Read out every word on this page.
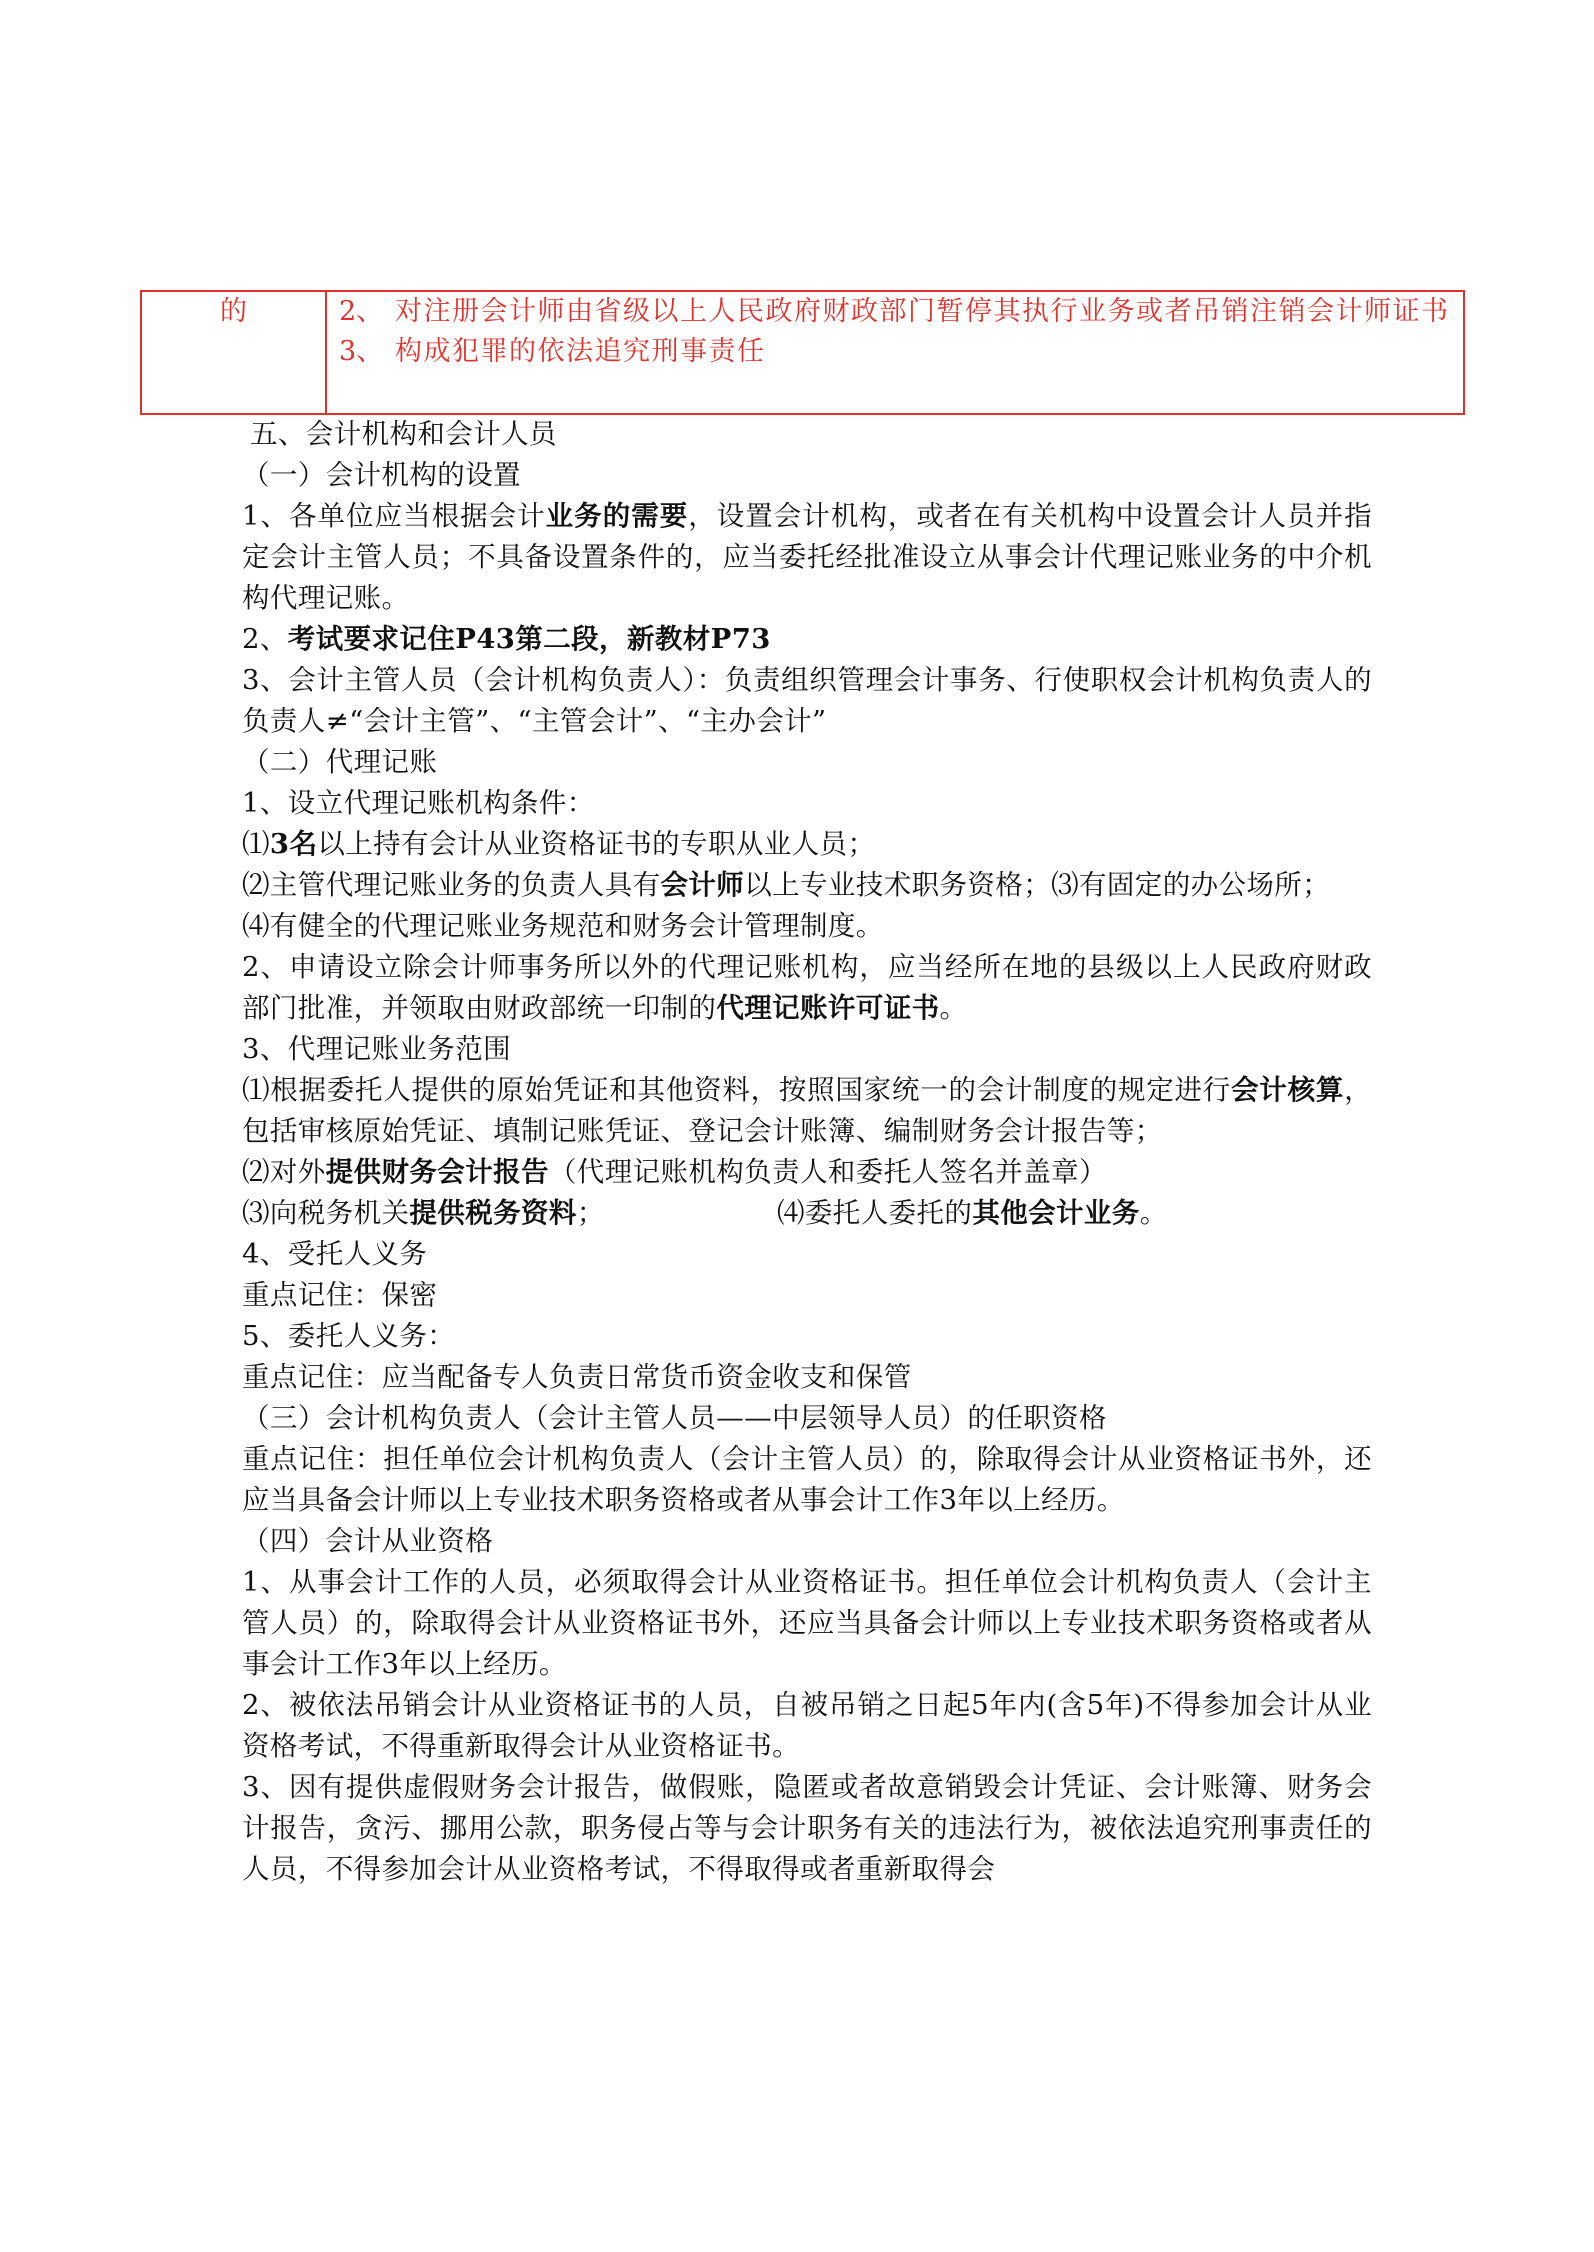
的	2、 对注册会计师由省级以上人民政府财政部门暂停其执行业务或者吊销注销会计师证书
3、 构成犯罪的依法追究刑事责任

五、会计机构和会计人员

（一）会计机构的设置

1、各单位应当根据会计业务的需要，设置会计机构，或者在有关机构中设置会计人员并指定会计主管人员；不具备设置条件的，应当委托经批准设立从事会计代理记账业务的中介机构代理记账。

2、考试要求记住P43第二段，新教材P73

3、会计主管人员（会计机构负责人）：负责组织管理会计事务、行使职权会计机构负责人的负责人≠“会计主管”、“主管会计”、“主办会计”

（二）代理记账

1、设立代理记账机构条件：

⑴3名以上持有会计从业资格证书的专职从业人员；

⑵主管代理记账业务的负责人具有会计师以上专业技术职务资格；⑶有固定的办公场所；

⑷有健全的代理记账业务规范和财务会计管理制度。

2、申请设立除会计师事务所以外的代理记账机构，应当经所在地的县级以上人民政府财政部门批准，并领取由财政部统一印制的代理记账许可证书。

3、代理记账业务范围

⑴根据委托人提供的原始凭证和其他资料，按照国家统一的会计制度的规定进行会计核算，包括审核原始凭证、填制记账凭证、登记会计账簿、编制财务会计报告等；

⑵对外提供财务会计报告（代理记账机构负责人和委托人签名并盖章）

⑶向税务机关提供税务资料；	⑷委托人委托的其他会计业务。

4、受托人义务

重点记住：保密

5、委托人义务：

重点记住：应当配备专人负责日常货币资金收支和保管

（三）会计机构负责人（会计主管人员——中层领导人员）的任职资格

重点记住：担任单位会计机构负责人（会计主管人员）的，除取得会计从业资格证书外，还应当具备会计师以上专业技术职务资格或者从事会计工作3年以上经历。

（四）会计从业资格

1、从事会计工作的人员，必须取得会计从业资格证书。担任单位会计机构负责人（会计主管人员）的，除取得会计从业资格证书外，还应当具备会计师以上专业技术职务资格或者从事会计工作3年以上经历。

2、被依法吊销会计从业资格证书的人员，自被吊销之日起5年内(含5年)不得参加会计从业资格考试，不得重新取得会计从业资格证书。

3、因有提供虚假财务会计报告，做假账，隐匿或者故意销毁会计凭证、会计账簿、财务会计报告，贪污、挪用公款，职务侵占等与会计职务有关的违法行为，被依法追究刑事责任的人员，不得参加会计从业资格考试，不得取得或者重新取得会
